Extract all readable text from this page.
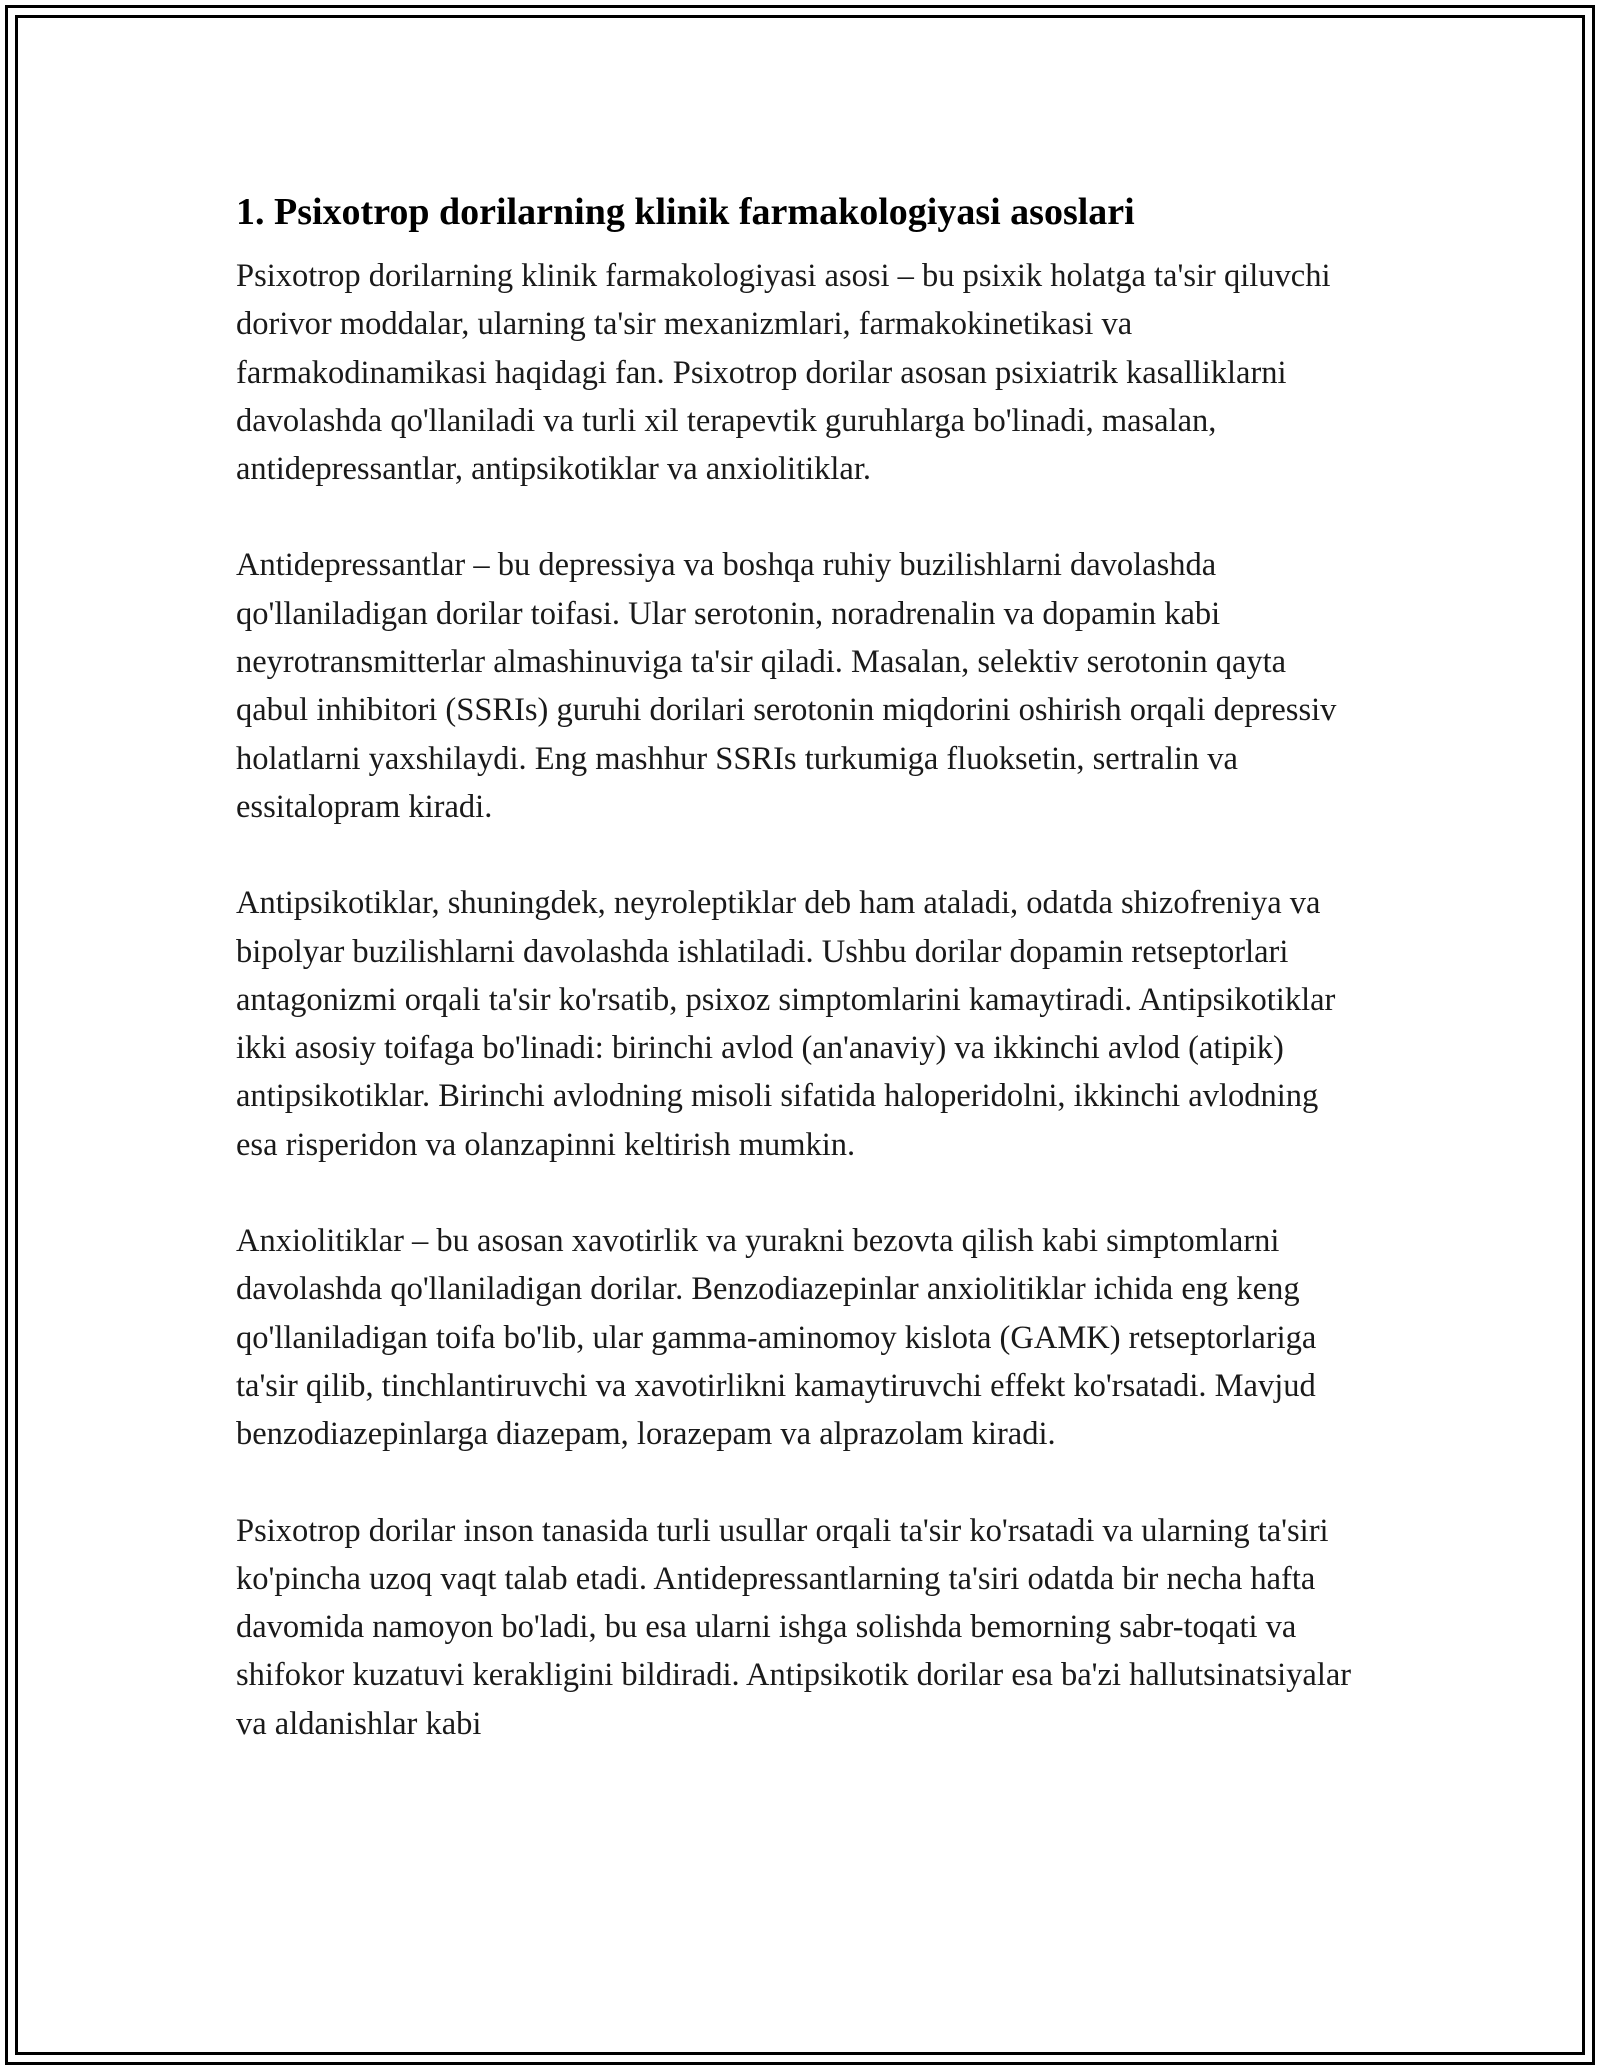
1. Psixotrop dorilarning klinik farmakologiyasi asoslari

Psixotrop dorilarning klinik farmakologiyasi asosi – bu psixik holatga ta'sir qiluvchi dorivor moddalar, ularning ta'sir mexanizmlari, farmakokinetikasi va farmakodinamikasi haqidagi fan. Psixotrop dorilar asosan psixiatrik kasalliklarni davolashda qo'llaniladi va turli xil terapevtik guruhlarga bo'linadi, masalan, antidepressantlar, antipsikotiklar va anxiolitiklar.

Antidepressantlar – bu depressiya va boshqa ruhiy buzilishlarni davolashda qo'llaniladigan dorilar toifasi. Ular serotonin, noradrenalin va dopamin kabi neyrotransmitterlar almashinuviga ta'sir qiladi. Masalan, selektiv serotonin qayta qabul inhibitori (SSRIs) guruhi dorilari serotonin miqdorini oshirish orqali depressiv holatlarni yaxshilaydi. Eng mashhur SSRIs turkumiga fluoksetin, sertralin va essitalopram kiradi.

Antipsikotiklar, shuningdek, neyroleptiklar deb ham ataladi, odatda shizofreniya va bipolyar buzilishlarni davolashda ishlatiladi. Ushbu dorilar dopamin retseptorlari antagonizmi orqali ta'sir ko'rsatib, psixoz simptomlarini kamaytiradi. Antipsikotiklar ikki asosiy toifaga bo'linadi: birinchi avlod (an'anaviy) va ikkinchi avlod (atipik) antipsikotiklar. Birinchi avlodning misoli sifatida haloperidolni, ikkinchi avlodning esa risperidon va olanzapinni keltirish mumkin.

Anxiolitiklar – bu asosan xavotirlik va yurakni bezovta qilish kabi simptomlarni davolashda qo'llaniladigan dorilar. Benzodiazepinlar anxiolitiklar ichida eng keng qo'llaniladigan toifa bo'lib, ular gamma-aminomoy kislota (GAMK) retseptorlariga ta'sir qilib, tinchlantiruvchi va xavotirlikni kamaytiruvchi effekt ko'rsatadi. Mavjud benzodiazepinlarga diazepam, lorazepam va alprazolam kiradi.

Psixotrop dorilar inson tanasida turli usullar orqali ta'sir ko'rsatadi va ularning ta'siri ko'pincha uzoq vaqt talab etadi. Antidepressantlarning ta'siri odatda bir necha hafta davomida namoyon bo'ladi, bu esa ularni ishga solishda bemorning sabr-toqati va shifokor kuzatuvi kerakligini bildiradi. Antipsikotik dorilar esa ba'zi hallutsinatsiyalar va aldanishlar kabi
